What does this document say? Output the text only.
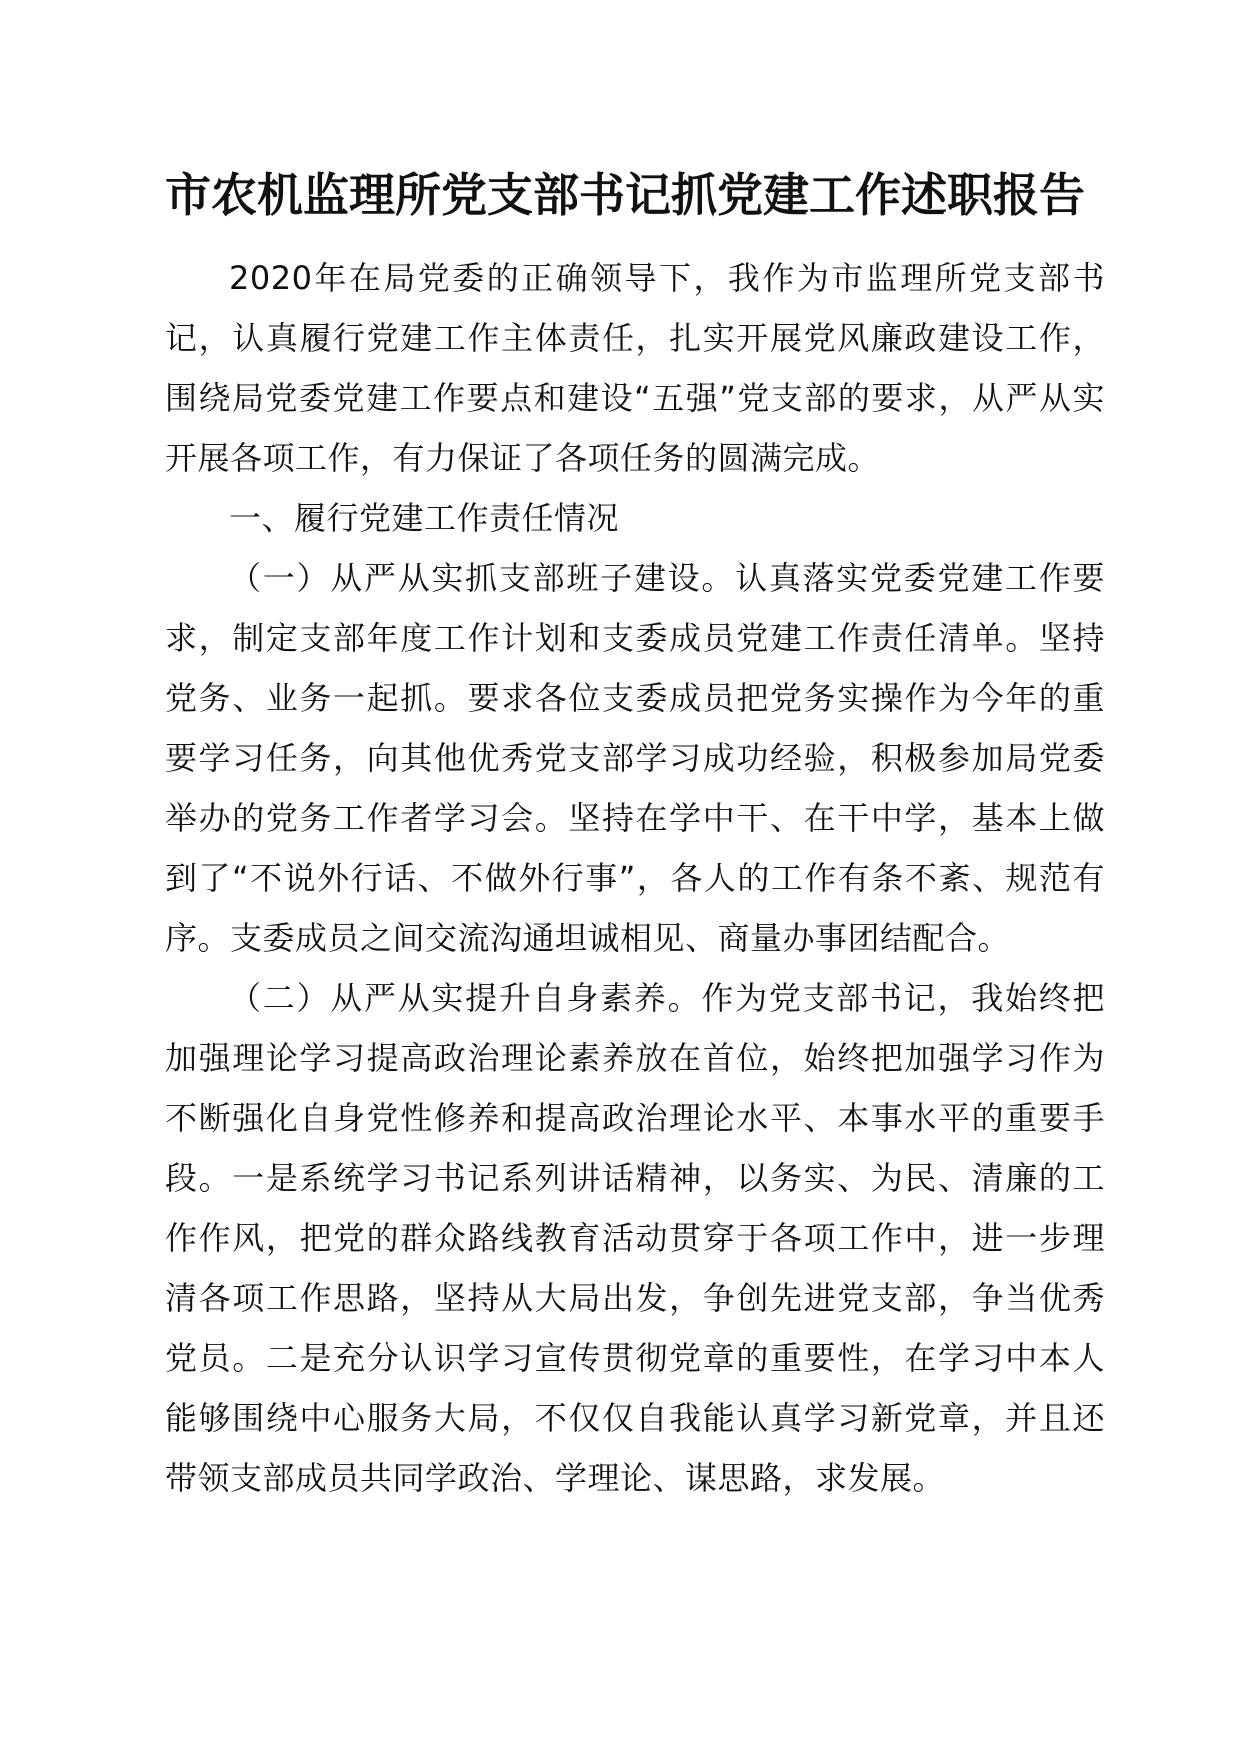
市农机监理所党支部书记抓党建工作述职报告

2020年在局党委的正确领导下，我作为市监理所党支部书记，认真履行党建工作主体责任，扎实开展党风廉政建设工作，围绕局党委党建工作要点和建设“五强”党支部的要求，从严从实开展各项工作，有力保证了各项任务的圆满完成。

一、履行党建工作责任情况

（一）从严从实抓支部班子建设。认真落实党委党建工作要求，制定支部年度工作计划和支委成员党建工作责任清单。坚持党务、业务一起抓。要求各位支委成员把党务实操作为今年的重要学习任务，向其他优秀党支部学习成功经验，积极参加局党委举办的党务工作者学习会。坚持在学中干、在干中学，基本上做到了“不说外行话、不做外行事”，各人的工作有条不紊、规范有序。支委成员之间交流沟通坦诚相见、商量办事团结配合。

（二）从严从实提升自身素养。作为党支部书记，我始终把加强理论学习提高政治理论素养放在首位，始终把加强学习作为不断强化自身党性修养和提高政治理论水平、本事水平的重要手段。一是系统学习书记系列讲话精神，以务实、为民、清廉的工作作风，把党的群众路线教育活动贯穿于各项工作中，进一步理清各项工作思路，坚持从大局出发，争创先进党支部，争当优秀党员。二是充分认识学习宣传贯彻党章的重要性，在学习中本人能够围绕中心服务大局，不仅仅自我能认真学习新党章，并且还带领支部成员共同学政治、学理论、谋思路，求发展。
